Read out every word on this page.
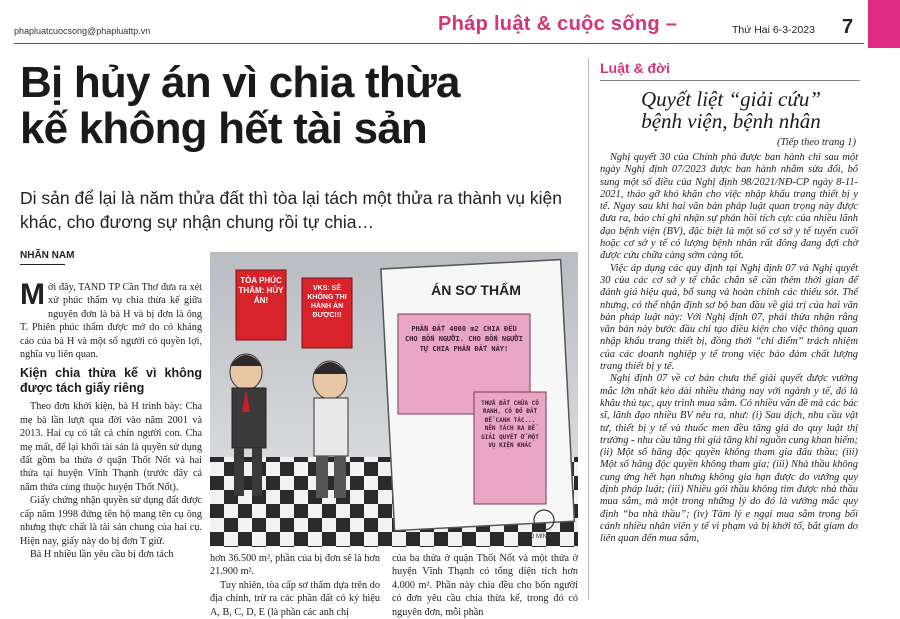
phapluatcuocsong@phapluattp.vn	Pháp luật & cuộc sống –	Thứ Hai 6-3-2023 7
Bị hủy án vì chia thừa
kế không hết tài sản
Di sản để lại là năm thửa đất thì tòa lại tách một thửa ra thành vụ kiện khác, cho đương sự nhận chung rồi tự chia…
NHÃN NAM

Mới đây, TAND TP Cần Thơ đưa ra xét xử phúc thẩm vụ chia thừa kế giữa nguyên đơn là bà H và bị đơn là ông T. Phiên phúc thẩm được mở do có kháng cáo của bà H và một số người có quyền lợi, nghĩa vụ liên quan.

Kiện chia thừa kế vì không được tách giấy riêng

Theo đơn khởi kiện, bà H trình bày: Cha mẹ bà lần lượt qua đời vào năm 2001 và 2013. Hai cụ có tất cả chín người con. Cha mẹ mất, để lại khối tài sản là quyền sử dụng đất gồm ba thửa ở quận Thốt Nốt và hai thửa tại huyện Vĩnh Thạnh (trước đây cả năm thửa cùng thuộc huyện Thốt Nốt).

Giấy chứng nhận quyền sử dụng đất được cấp năm 1998 đứng tên hộ mang tên cụ ông nhưng thực chất là tài sản chung của hai cụ. Hiện nay, giấy này do bị đơn T giữ.

Bà H nhiều lần yêu cầu bị đơn tách

TÒA PHÚC THẨM: HỦY ÁN!
VKS: SẼ KHÔNG THI HÀNH ÁN ĐƯỢC!!!
ÁN SƠ THẨM
PHẦN ĐẤT 4000 m2 CHIA ĐỀU CHO BỐN NGƯỜI. CHO BỐN NGƯỜI TỰ CHIA PHẦN ĐẤT NÀY!
THỬA ĐẤT CHỨA CÓ RANH, CÓ ĐÓ ĐẤT ĐỂ CANH TÁC... NÊN TÁCH RA ĐỂ GIẢI QUYẾT Ở MỘT VỤ KIỆN KHÁC
TÔ MINH

hơn 36.500 m², phần của bị đơn sẽ là hơn 21.900 m².

Tuy nhiên, tòa cấp sơ thẩm dựa trên do địa chính, trừ ra các phần đất có ký hiệu A, B, C, D, E (là phần các anh chị

của ba thửa ở quận Thốt Nốt và một thửa ở huyện Vĩnh Thạnh có tổng diện tích hơn 4.000 m². Phần này chia đều cho bốn người có đơn yêu cầu chia thừa kế, trong đó có nguyên đơn, mỗi phần

Luật & đời
Quyết liệt “giải cứu”
bệnh viện, bệnh nhân
(Tiếp theo trang 1)

Nghị quyết 30 của Chính phủ được ban hành chỉ sau một ngày Nghị định 07/2023 được ban hành nhằm sửa đổi, bổ sung một số điều của Nghị định 98/2021/NĐ-CP ngày 8-11-2021, tháo gỡ khó khăn cho việc nhập khẩu trang thiết bị y tế. Ngay sau khi hai văn bản pháp luật quan trọng này được đưa ra, báo chí ghi nhận sự phản hồi tích cực của nhiều lãnh đạo bệnh viện (BV), đặc biệt là một số cơ sở y tế tuyến cuối hoặc cơ sở y tế có lượng bệnh nhân rất đông đang đợi chờ được cứu chữa càng sớm càng tốt.

Việc áp dụng các quy định tại Nghị định 07 và Nghị quyết 30 của các cơ sở y tế chắc chắn sẽ cần thêm thời gian để đánh giá hiệu quả, bổ sung và hoàn chỉnh các thiếu sót. Thế nhưng, có thể nhận định sơ bộ ban đầu về giá trị của hai văn bản pháp luật này: Với Nghị định 07, phải thừa nhận rằng văn bản này bước đầu chỉ tạo điều kiện cho việc thông quan nhập khẩu trang thiết bị, đồng thời “chỉ điểm” trách nhiệm của các doanh nghiệp y tế trong việc bảo đảm chất lượng trang thiết bị y tế.

Nghị định 07 về cơ bản chưa thể giải quyết được vướng mắc lớn nhất kéo dài nhiều tháng nay với ngành y tế, đó là khâu thủ tục, quy trình mua sắm. Có nhiều vấn đề mà các bác sĩ, lãnh đạo nhiều BV nêu ra, như: (i) Sau dịch, nhu cầu vật tư, thiết bị y tế và thuốc men đều tăng giá do quy luật thị trường - nhu cầu tăng thì giá tăng khi nguồn cung khan hiếm; (ii) Một số hãng độc quyền không tham gia đấu thầu; (iii) Một số hãng độc quyền không tham gia; (iii) Nhà thầu không cung ứng hết hạn nhưng không gia hạn được do vướng quy định pháp luật; (iii) Nhiều gói thầu không tìm được nhà thầu mua sắm, mà một trong những lý do đó là vướng mắc quy định “ba nhà thầu”; (iv) Tâm lý e ngại mua sắm trong bối cảnh nhiều nhân viên y tế vi phạm và bị khởi tố, bắt giam do liên quan đến mua sắm,
